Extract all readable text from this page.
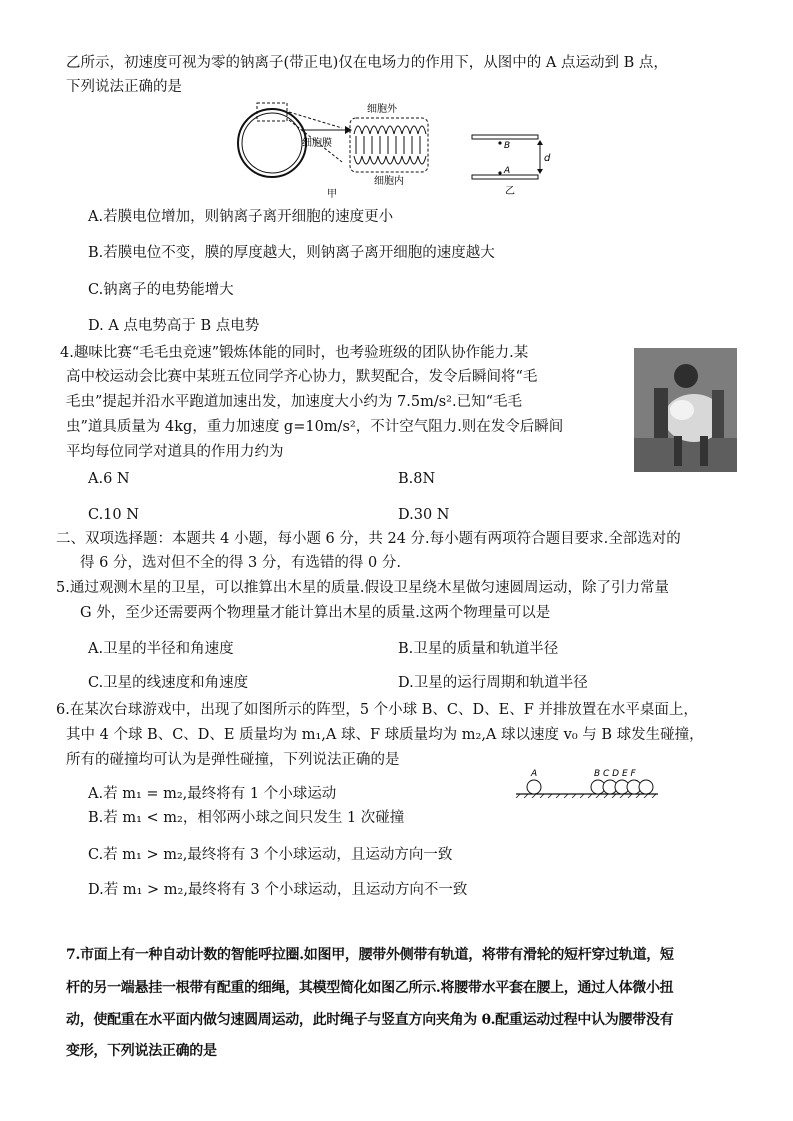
乙所示，初速度可视为零的钠离子(带正电)仅在电场力的作用下，从图中的 A 点运动到 B 点，
下列说法正确的是
细胞外
细胞膜
细胞内
甲
B
A
d
乙
A.若膜电位增加，则钠离子离开细胞的速度更小
B.若膜电位不变，膜的厚度越大，则钠离子离开细胞的速度越大
C.钠离子的电势能增大
D. A 点电势高于 B 点电势
4.趣味比赛“毛毛虫竞速”锻炼体能的同时，也考验班级的团队协作能力.某
高中校运动会比赛中某班五位同学齐心协力，默契配合，发令后瞬间将“毛
毛虫”提起并沿水平跑道加速出发，加速度大小约为 7.5m/s².已知“毛毛
虫”道具质量为 4kg，重力加速度 g=10m/s²，不计空气阻力.则在发令后瞬间
平均每位同学对道具的作用力约为
A.6 N	B.8N
C.10 N	D.30 N
二、双项选择题：本题共 4 小题，每小题 6 分，共 24 分.每小题有两项符合题目要求.全部选对的
得 6 分，选对但不全的得 3 分，有选错的得 0 分.
5.通过观测木星的卫星，可以推算出木星的质量.假设卫星绕木星做匀速圆周运动，除了引力常量
G 外，至少还需要两个物理量才能计算出木星的质量.这两个物理量可以是
A.卫星的半径和角速度	B.卫星的质量和轨道半径
C.卫星的线速度和角速度	D.卫星的运行周期和轨道半径
6.在某次台球游戏中，出现了如图所示的阵型，5 个小球 B、C、D、E、F 并排放置在水平桌面上，
其中 4 个球 B、C、D、E 质量均为 m₁,A 球、F 球质量均为 m₂,A 球以速度 v₀ 与 B 球发生碰撞，
所有的碰撞均可认为是弹性碰撞，下列说法正确的是
A	B C D E F
A.若 m₁ = m₂,最终将有 1 个小球运动
B.若 m₁ < m₂，相邻两小球之间只发生 1 次碰撞
C.若 m₁ > m₂,最终将有 3 个小球运动，且运动方向一致
D.若 m₁ > m₂,最终将有 3 个小球运动，且运动方向不一致
7.市面上有一种自动计数的智能呼拉圈.如图甲，腰带外侧带有轨道，将带有滑轮的短杆穿过轨道，短
杆的另一端悬挂一根带有配重的细绳，其模型简化如图乙所示.将腰带水平套在腰上，通过人体微小扭
动，使配重在水平面内做匀速圆周运动，此时绳子与竖直方向夹角为 θ.配重运动过程中认为腰带没有
变形，下列说法正确的是
